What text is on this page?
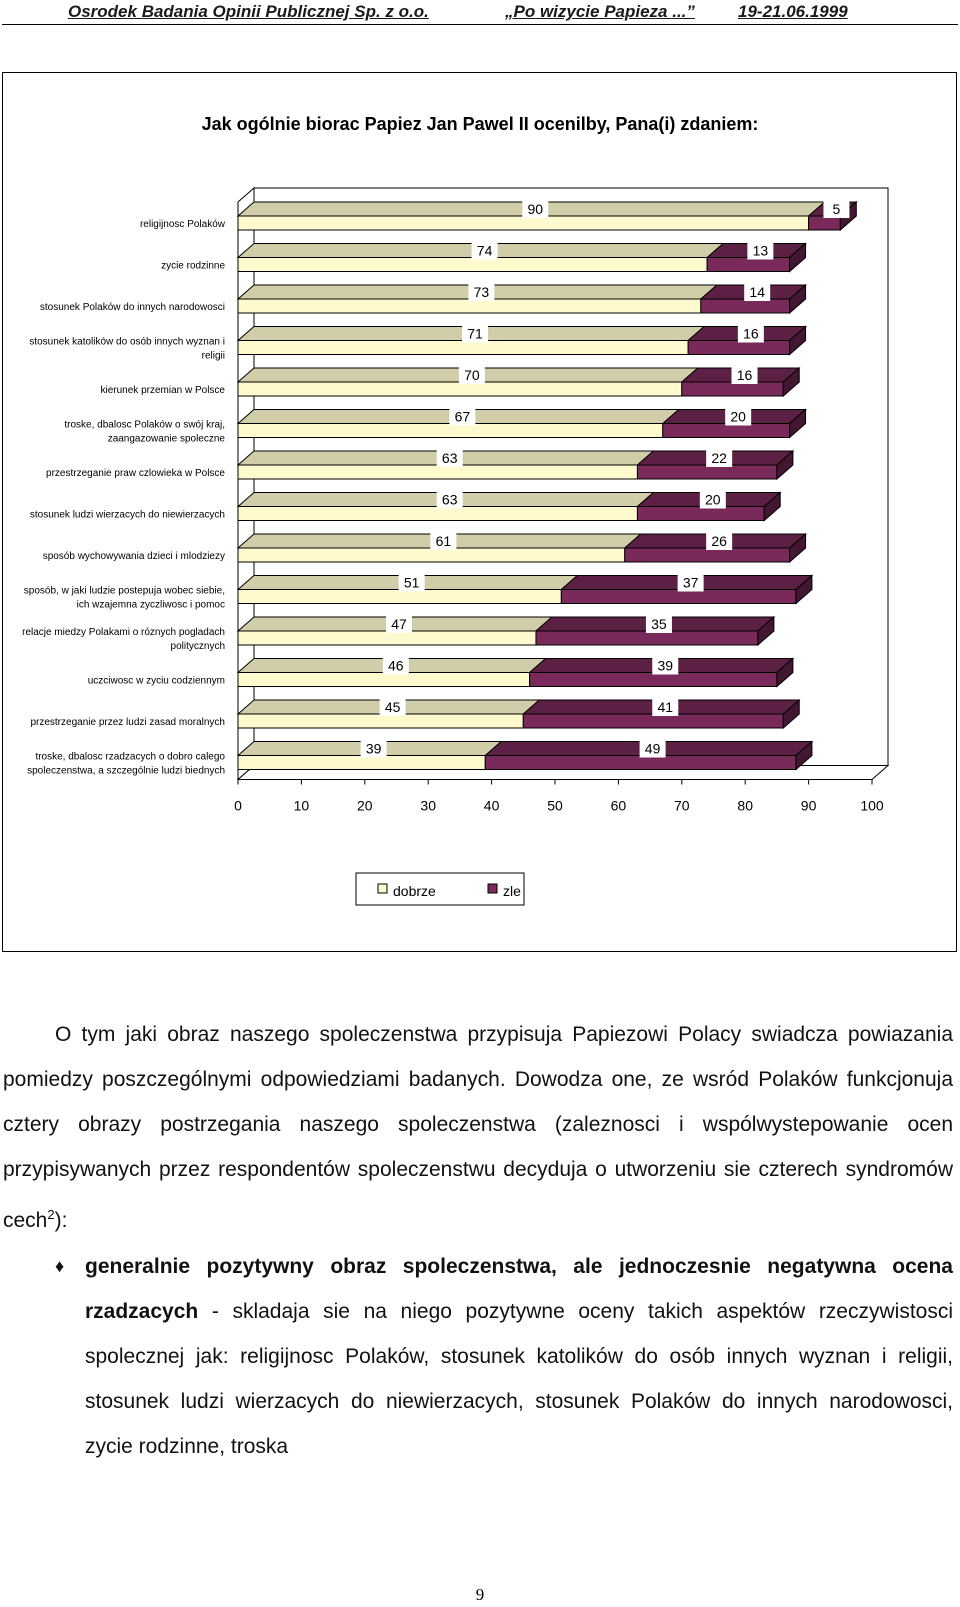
Osrodek Badania Opinii Publicznej Sp. z o.o.	„Po wizycie Papieza ...”	19-21.06.1999
Jak ogólnie biorac Papiez Jan Pawel II ocenilby, Pana(i) zdaniem:
0	10	20	30	40	50	60	70	80	90	100
religijnosc Polaków
90	5
zycie rodzinne
74	13
stosunek Polaków do innych narodowosci
73	14
stosunek katolików do osób innych wyznan i religii
71	16
kierunek przemian w Polsce
70	16
troske, dbalosc Polaków o swój kraj, zaangazowanie spoleczne
67	20
przestrzeganie praw czlowieka w Polsce
63	22
stosunek ludzi wierzacych do niewierzacych
63	20
sposób wychowywania dzieci i mlodziezy
61	26
sposób, w jaki ludzie postepuja wobec siebie, ich wzajemna zyczliwosc i pomoc
51	37
relacje miedzy Polakami o róznych pogladach politycznych
47	35
uczciwosc w zyciu codziennym
46	39
przestrzeganie przez ludzi zasad moralnych
45	41
troske, dbalosc rzadzacych o dobro calego spoleczenstwa, a szczególnie ludzi biednych
39	49
dobrze	zle

O tym jaki obraz naszego spoleczenstwa przypisuja Papiezowi Polacy swiadcza powiazania pomiedzy poszczególnymi odpowiedziami badanych. Dowodza one, ze wsród Polaków funkcjonuja cztery obrazy postrzegania naszego spoleczenstwa (zaleznosci i wspólwystepowanie ocen przypisywanych przez respondentów spoleczenstwu decyduja o utworzeniu sie czterech syndromów cech$^2$):

♦ generalnie pozytywny obraz spoleczenstwa, ale jednoczesnie negatywna ocena rzadzacych - skladaja sie na niego pozytywne oceny takich aspektów rzeczywistosci spolecznej jak: religijnosc Polaków, stosunek katolików do osób innych wyznan i religii, stosunek ludzi wierzacych do niewierzacych, stosunek Polaków do innych narodowosci, zycie rodzinne, troska

9
